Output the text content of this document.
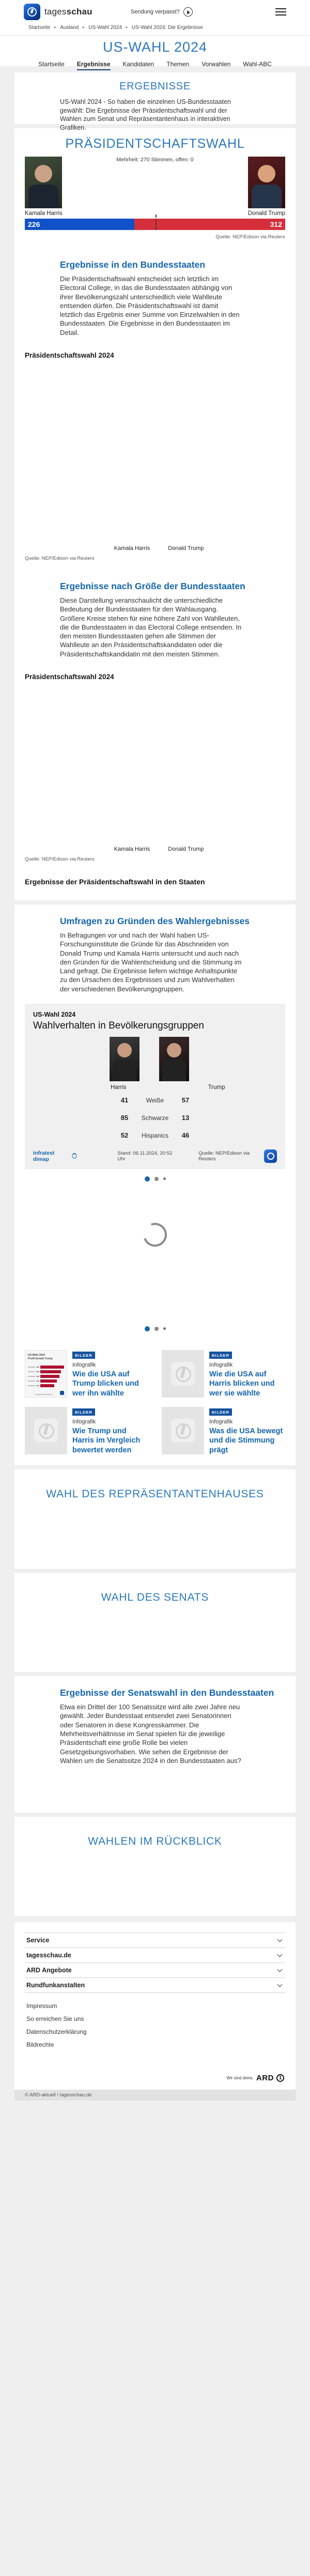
tagesschau	Sendung verpasst?
Startseite ► Ausland ► US-Wahl 2024 ► US-Wahl 2024: Die Ergebnisse
US-WAHL 2024
Startseite Ergebnisse Kandidaten Themen Vorwahlen Wahl-ABC
ERGEBNISSE

US-Wahl 2024 - So haben die einzelnen US-Bundesstaaten gewählt: Die Ergebnisse der Präsidentschaftswahl und der Wahlen zum Senat und Repräsentantenhaus in interaktiven Grafiken.

PRÄSIDENTSCHAFTSWAHL
Mehrheit: 270 Stimmen, offen: 0
Kamala Harris	Donald Trump
226	312
Quelle: NEP/Edison via Reuters
Ergebnisse in den Bundesstaaten

Die Präsidentschaftswahl entscheidet sich letztlich im Electoral College, in das die Bundesstaaten abhängig von ihrer Bevölkerungszahl unterschiedlich viele Wahlleute entsenden dürfen. Die Präsidentschaftswahl ist damit letztlich das Ergebnis einer Summe von Einzelwahlen in den Bundesstaaten. Die Ergebnisse in den Bundesstaaten im Detail.

Präsidentschaftswahl 2024
Kamala Harris	Donald Trump
Quelle: NEP/Edison via Reuters
Ergebnisse nach Größe der Bundesstaaten

Diese Darstellung veranschaulicht die unterschiedliche Bedeutung der Bundesstaaten für den Wahlausgang. Größere Kreise stehen für eine höhere Zahl von Wahlleuten, die die Bundesstaaten in das Electoral College entsenden. In den meisten Bundesstaaten gehen alle Stimmen der Wahlleute an den Präsidentschaftskandidaten oder die Präsidentschaftskandidatin mit den meisten Stimmen.

Präsidentschaftswahl 2024
Kamala Harris	Donald Trump
Quelle: NEP/Edison via Reuters
Ergebnisse der Präsidentschaftswahl in den Staaten
Umfragen zu Gründen des Wahlergebnisses

In Befragungen vor und nach der Wahl haben US-Forschungsinstitute die Gründe für das Abschneiden von Donald Trump und Kamala Harris untersucht und auch nach den Gründen für die Wahlentscheidung und die Stimmung im Land gefragt. Die Ergebnisse liefern wichtige Anhaltspunkte zu den Ursachen des Ergebnisses und zum Wahlverhalten der verschiedenen Bevölkerungsgruppen.

US-Wahl 2024
Wahlverhalten in Bevölkerungsgruppen
Harris	Trump
41	Weiße	57
85	Schwarze	13
52	Hispanics	46
infratest dimap
Stand: 06.11.2024, 20:52 Uhr
Quelle: NEP/Edison via Reuters
US-Wahl 2024
Profil Donald Trump
BILDER
Infografik
Wie die USA auf Trump blicken und wer ihn wählte
BILDER
Infografik
Wie die USA auf Harris blicken und wer sie wählte
BILDER
Infografik
Wie Trump und Harris im Vergleich bewertet werden
BILDER
Infografik
Was die USA bewegt und die Stimmung prägt
WAHL DES REPRÄSENTANTENHAUSES
WAHL DES SENATS
Ergebnisse der Senatswahl in den Bundesstaaten

Etwa ein Drittel der 100 Senatssitze wird alle zwei Jahre neu gewählt. Jeder Bundesstaat entsendet zwei Senatorinnen oder Senatoren in diese Kongresskammer. Die Mehrheitsverhältnisse im Senat spielen für die jeweilige Präsidentschaft eine große Rolle bei vielen Gesetzgebungsvorhaben. Wie sehen die Ergebnisse der Wahlen um die Senatssitze 2024 in den Bundesstaaten aus?

WAHLEN IM RÜCKBLICK
Service
tagesschau.de
ARD Angebote
Rundfunkanstalten
Impressum
So erreichen Sie uns
Datenschutzerklärung
Bildrechte
Wir sind deins. ARD 1
© ARD-aktuell / tagesschau.de
